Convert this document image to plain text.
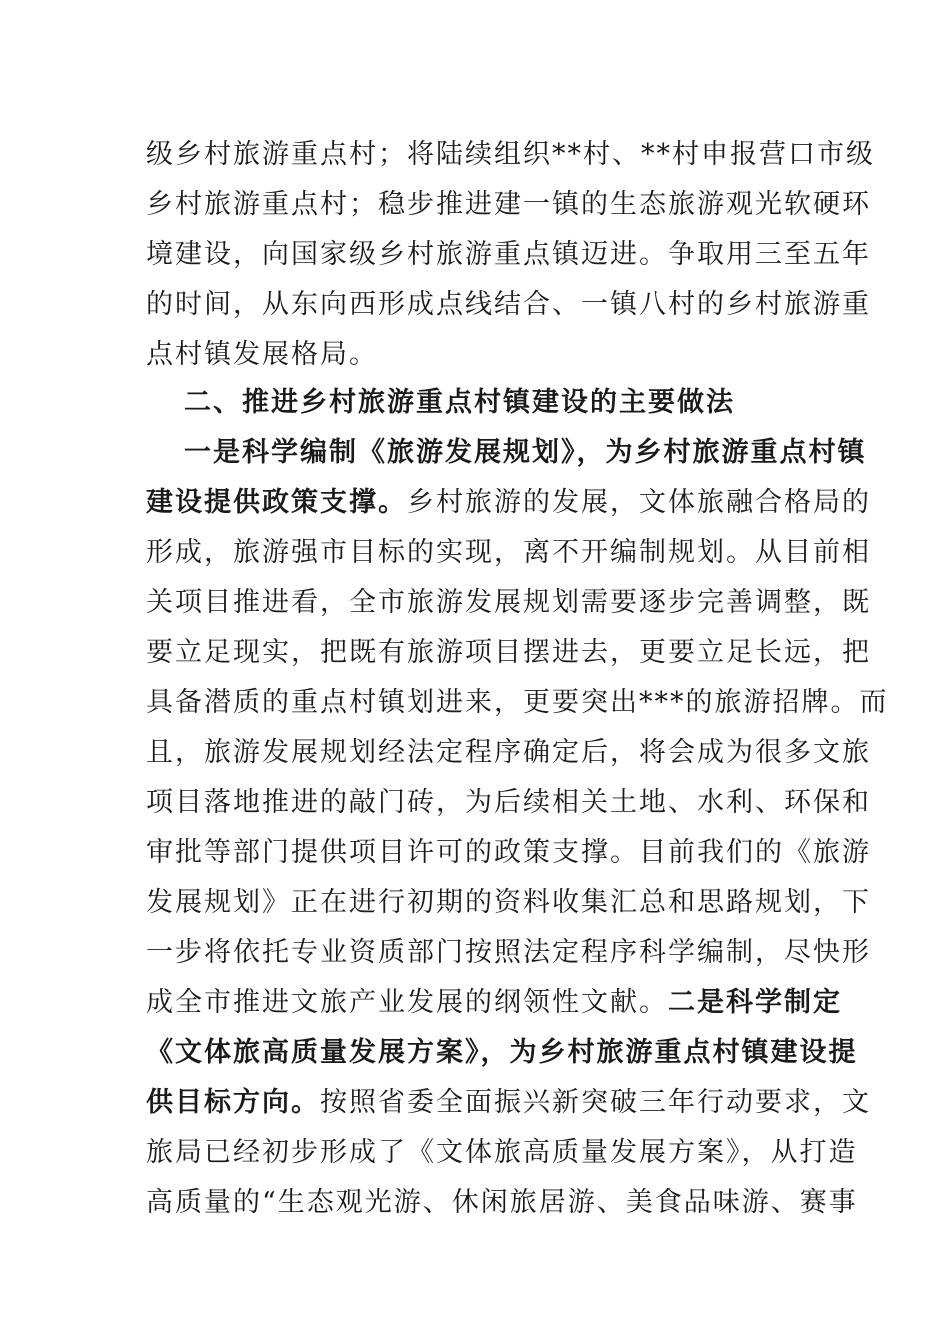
级乡村旅游重点村；将陆续组织**村、**村申报营口市级
乡村旅游重点村；稳步推进建一镇的生态旅游观光软硬环
境建设，向国家级乡村旅游重点镇迈进。争取用三至五年
的时间，从东向西形成点线结合、一镇八村的乡村旅游重
点村镇发展格局。
二、推进乡村旅游重点村镇建设的主要做法
一是科学编制《旅游发展规划》，为乡村旅游重点村镇
建设提供政策支撑。乡村旅游的发展，文体旅融合格局的
形成，旅游强市目标的实现，离不开编制规划。从目前相
关项目推进看，全市旅游发展规划需要逐步完善调整，既
要立足现实，把既有旅游项目摆进去，更要立足长远，把
具备潜质的重点村镇划进来，更要突出***的旅游招牌。而
且，旅游发展规划经法定程序确定后，将会成为很多文旅
项目落地推进的敲门砖，为后续相关土地、水利、环保和
审批等部门提供项目许可的政策支撑。目前我们的《旅游
发展规划》正在进行初期的资料收集汇总和思路规划，下
一步将依托专业资质部门按照法定程序科学编制，尽快形
成全市推进文旅产业发展的纲领性文献。二是科学制定
《文体旅高质量发展方案》，为乡村旅游重点村镇建设提
供目标方向。按照省委全面振兴新突破三年行动要求，文
旅局已经初步形成了《文体旅高质量发展方案》，从打造
高质量的“生态观光游、休闲旅居游、美食品味游、赛事
